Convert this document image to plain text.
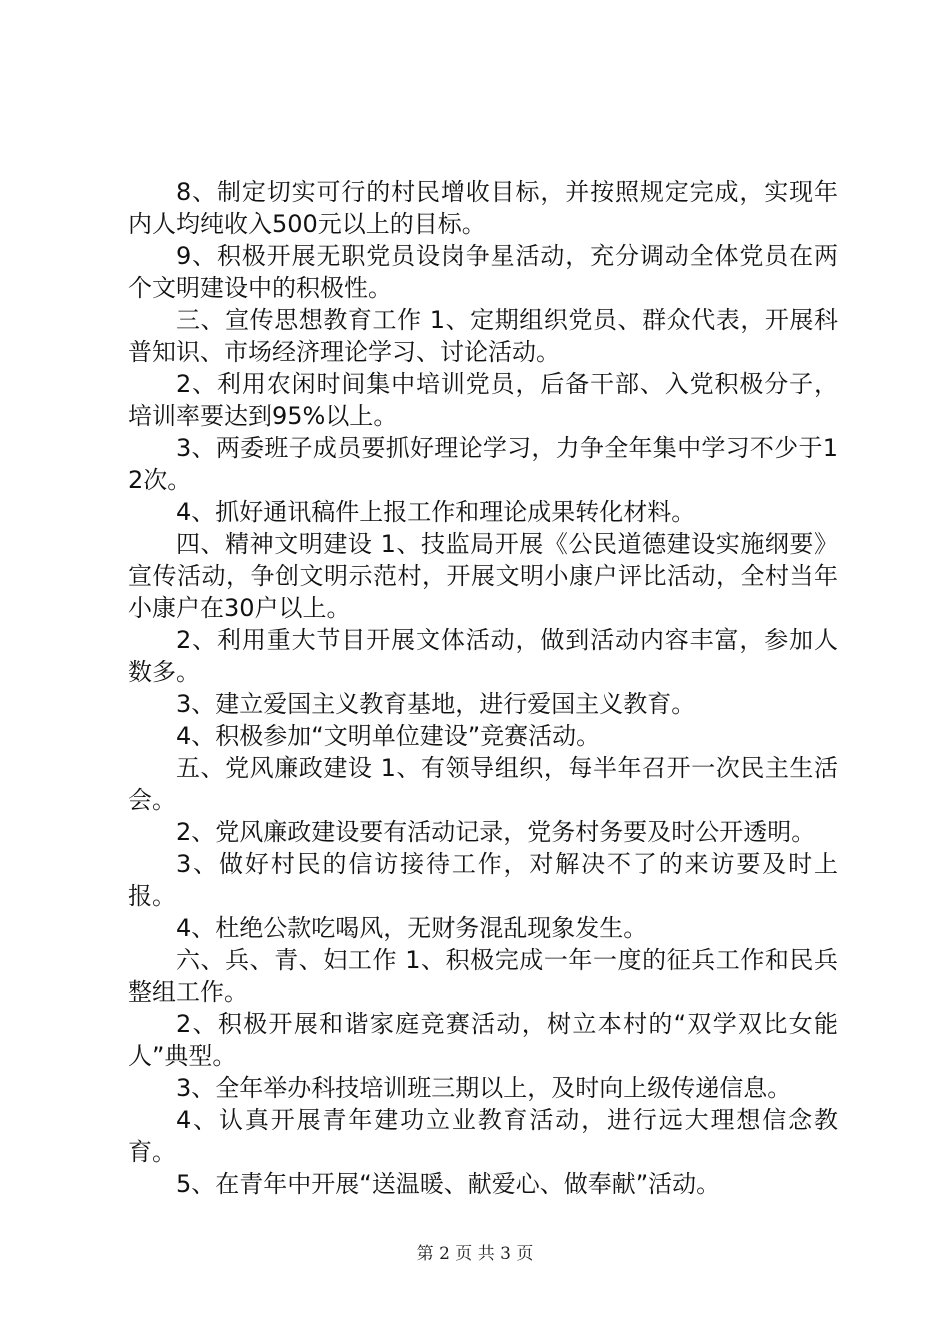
8、制定切实可行的村民增收目标，并按照规定完成，实现年内人均纯收入500元以上的目标。

9、积极开展无职党员设岗争星活动，充分调动全体党员在两个文明建设中的积极性。

三、宣传思想教育工作 1、定期组织党员、群众代表，开展科普知识、市场经济理论学习、讨论活动。

2、利用农闲时间集中培训党员，后备干部、入党积极分子，培训率要达到95%以上。

3、两委班子成员要抓好理论学习，力争全年集中学习不少于12次。

4、抓好通讯稿件上报工作和理论成果转化材料。

四、精神文明建设 1、技监局开展《公民道德建设实施纲要》宣传活动，争创文明示范村，开展文明小康户评比活动，全村当年小康户在30户以上。

2、利用重大节目开展文体活动，做到活动内容丰富，参加人数多。

3、建立爱国主义教育基地，进行爱国主义教育。

4、积极参加“文明单位建设”竞赛活动。

五、党风廉政建设 1、有领导组织，每半年召开一次民主生活会。

2、党风廉政建设要有活动记录，党务村务要及时公开透明。

3、做好村民的信访接待工作，对解决不了的来访要及时上报。

4、杜绝公款吃喝风，无财务混乱现象发生。

六、兵、青、妇工作 1、积极完成一年一度的征兵工作和民兵整组工作。

2、积极开展和谐家庭竞赛活动，树立本村的“双学双比女能人”典型。

3、全年举办科技培训班三期以上，及时向上级传递信息。

4、认真开展青年建功立业教育活动，进行远大理想信念教育。

5、在青年中开展“送温暖、献爱心、做奉献”活动。

第 2 页 共 3 页
